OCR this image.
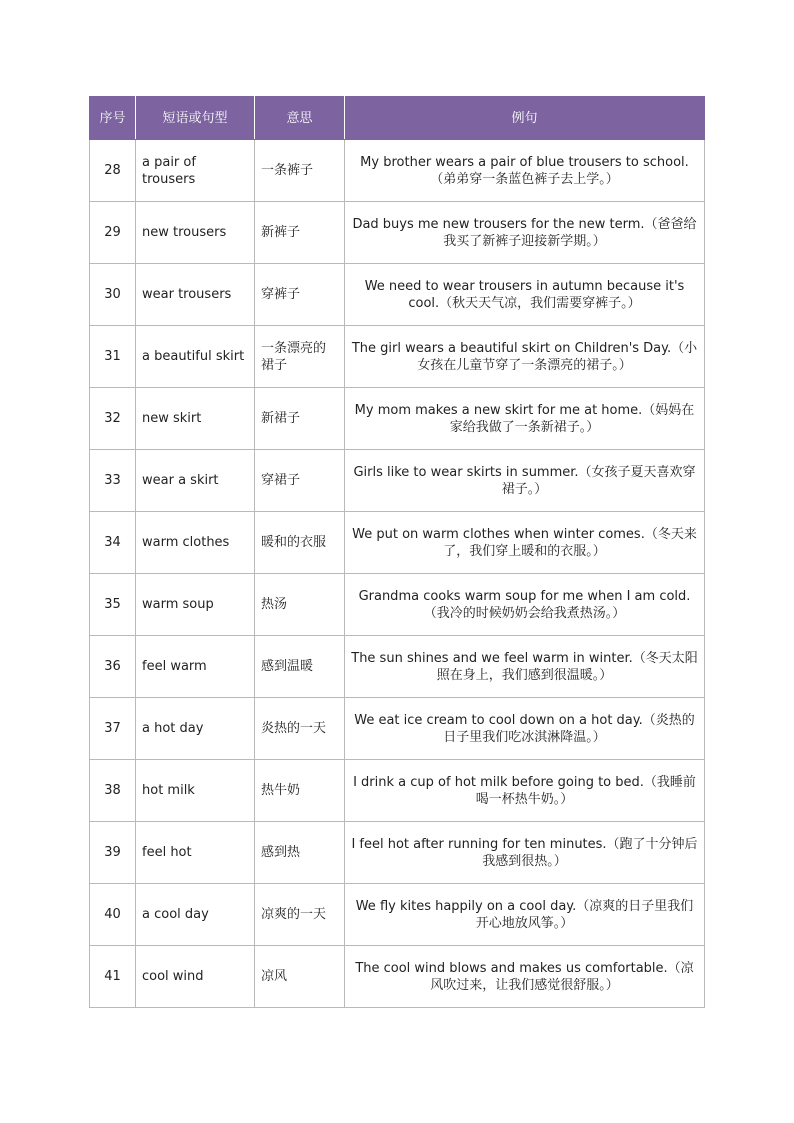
序号	短语或句型	意思	例句
28	a pair of trousers	一条裤子	My brother wears a pair of blue trousers to school.（弟弟穿一条蓝色裤子去上学。）
29	new trousers	新裤子	Dad buys me new trousers for the new term.（爸爸给我买了新裤子迎接新学期。）
30	wear trousers	穿裤子	We need to wear trousers in autumn because it's cool.（秋天天气凉，我们需要穿裤子。）
31	a beautiful skirt	一条漂亮的裙子	The girl wears a beautiful skirt on Children's Day.（小女孩在儿童节穿了一条漂亮的裙子。）
32	new skirt	新裙子	My mom makes a new skirt for me at home.（妈妈在家给我做了一条新裙子。）
33	wear a skirt	穿裙子	Girls like to wear skirts in summer.（女孩子夏天喜欢穿裙子。）
34	warm clothes	暖和的衣服	We put on warm clothes when winter comes.（冬天来了，我们穿上暖和的衣服。）
35	warm soup	热汤	Grandma cooks warm soup for me when I am cold.（我冷的时候奶奶会给我煮热汤。）
36	feel warm	感到温暖	The sun shines and we feel warm in winter.（冬天太阳照在身上，我们感到很温暖。）
37	a hot day	炎热的一天	We eat ice cream to cool down on a hot day.（炎热的日子里我们吃冰淇淋降温。）
38	hot milk	热牛奶	I drink a cup of hot milk before going to bed.（我睡前喝一杯热牛奶。）
39	feel hot	感到热	I feel hot after running for ten minutes.（跑了十分钟后我感到很热。）
40	a cool day	凉爽的一天	We fly kites happily on a cool day.（凉爽的日子里我们开心地放风筝。）
41	cool wind	凉风	The cool wind blows and makes us comfortable.（凉风吹过来，让我们感觉很舒服。）
